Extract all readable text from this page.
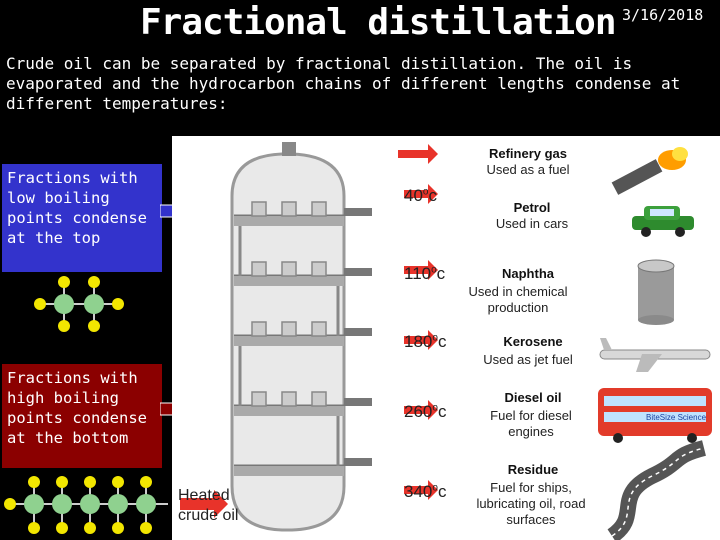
Fractional distillation 3/16/2018
Crude oil can be separated by fractional distillation. The oil is evaporated and the hydrocarbon chains of different lengths condense at different temperatures:
Fractions with low boiling points condense at the top
Fractions with high boiling points condense at the bottom
BiteSize Science
40$^o$c
110$^o$c
180$^o$c
260$^o$c
340$^o$c
Refinery gas
Used as a fuel
Petrol
Used in cars
Naphtha
Used in chemical production
Kerosene
Used as jet fuel
Diesel oil
Fuel for diesel engines
Residue
Fuel for ships, lubricating oil, road surfaces
Heated
crude oil
